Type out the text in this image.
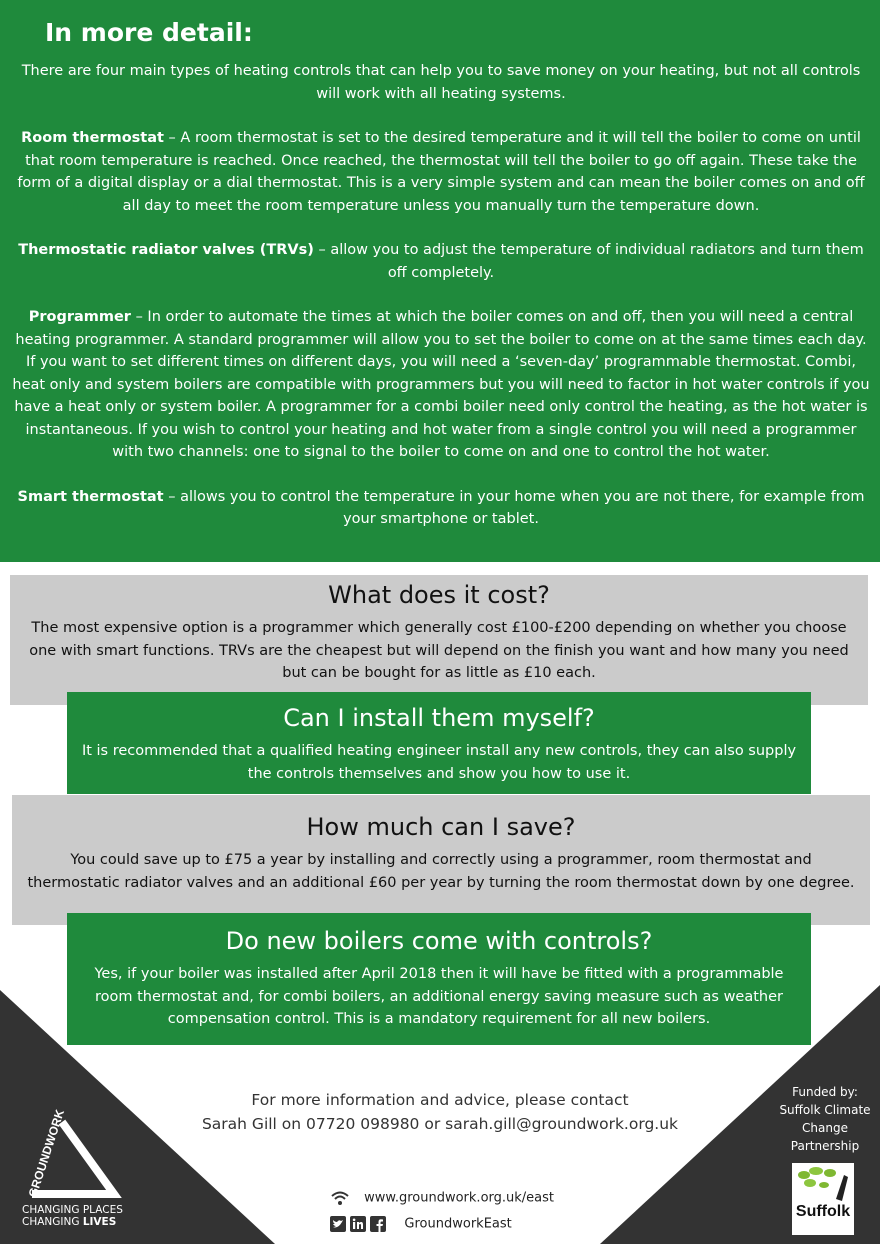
In more detail:

There are four main types of heating controls that can help you to save money on your heating, but not all controls will work with all heating systems.

Room thermostat – A room thermostat is set to the desired temperature and it will tell the boiler to come on until that room temperature is reached. Once reached, the thermostat will tell the boiler to go off again. These take the form of a digital display or a dial thermostat. This is a very simple system and can mean the boiler comes on and off all day to meet the room temperature unless you manually turn the temperature down.

Thermostatic radiator valves (TRVs) – allow you to adjust the temperature of individual radiators and turn them off completely.

Programmer – In order to automate the times at which the boiler comes on and off, then you will need a central heating programmer. A standard programmer will allow you to set the boiler to come on at the same times each day. If you want to set different times on different days, you will need a ‘seven-day’ programmable thermostat. Combi, heat only and system boilers are compatible with programmers but you will need to factor in hot water controls if you have a heat only or system boiler. A programmer for a combi boiler need only control the heating, as the hot water is instantaneous. If you wish to control your heating and hot water from a single control you will need a programmer with two channels: one to signal to the boiler to come on and one to control the hot water.

Smart thermostat – allows you to control the temperature in your home when you are not there, for example from your smartphone or tablet.

What does it cost?

The most expensive option is a programmer which generally cost £100-£200 depending on whether you choose one with smart functions. TRVs are the cheapest but will depend on the finish you want and how many you need but can be bought for as little as £10 each.

Can I install them myself?

It is recommended that a qualified heating engineer install any new controls, they can also supply the controls themselves and show you how to use it.

How much can I save?

You could save up to £75 a year by installing and correctly using a programmer, room thermostat and thermostatic radiator valves and an additional £60 per year by turning the room thermostat down by one degree.

Do new boilers come with controls?

Yes, if your boiler was installed after April 2018 then it will have be fitted with a programmable room thermostat and, for combi boilers, an additional energy saving measure such as weather compensation control. This is a mandatory requirement for all new boilers.

For more information and advice, please contact
Sarah Gill on 07720 098980 or sarah.gill@groundwork.org.uk
www.groundwork.org.uk/east
GroundworkEast
Funded by:
Suffolk Climate
Change
Partnership
Suffolk
GROUNDWORK
CHANGING PLACES
CHANGING LIVES
